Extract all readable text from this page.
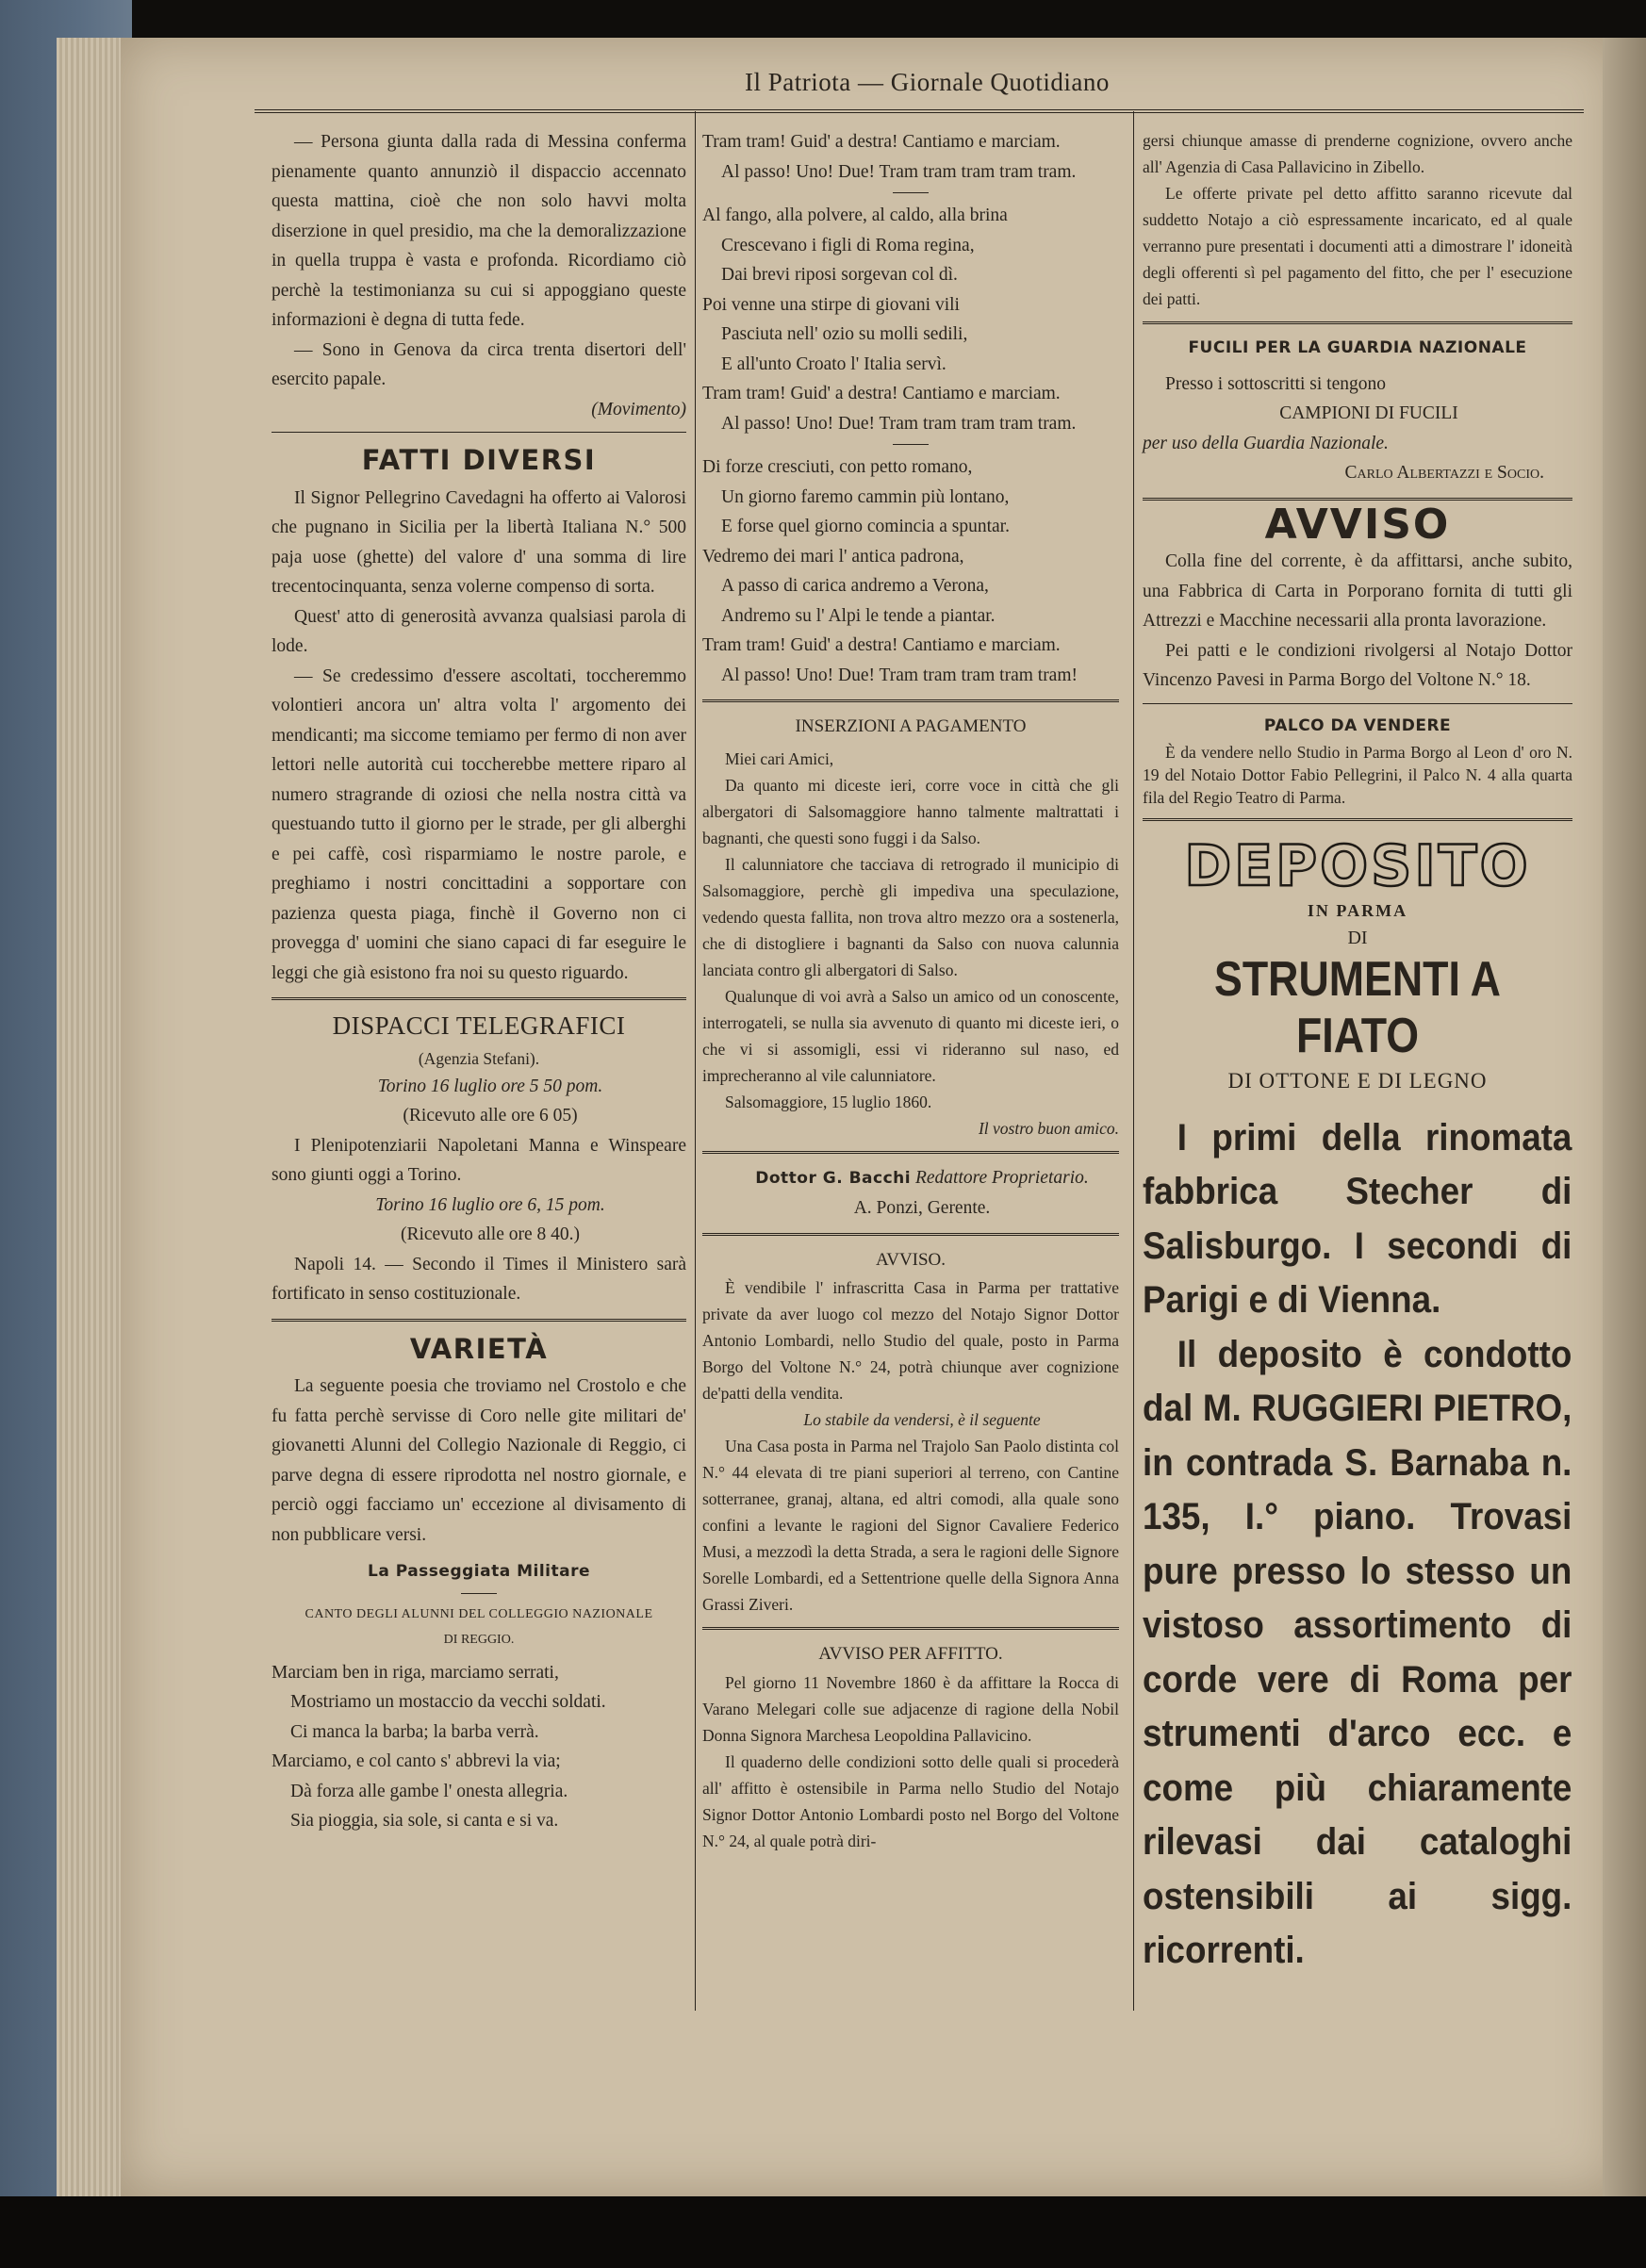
Il Patriota — Giornale Quotidiano

— Persona giunta dalla rada di Messina conferma pienamente quanto annunziò il dispaccio accennato questa mattina, cioè che non solo havvi molta diserzione in quel presidio, ma che la demoralizzazione in quella truppa è vasta e profonda. Ricordiamo ciò perchè la testimonianza su cui si appoggiano queste informazioni è degna di tutta fede.

— Sono in Genova da circa trenta disertori dell' esercito papale.

(Movimento)

FATTI DIVERSI

Il Signor Pellegrino Cavedagni ha offerto ai Valorosi che pugnano in Sicilia per la libertà Italiana N.° 500 paja uose (ghette) del valore d' una somma di lire trecentocinquanta, senza volerne compenso di sorta.

Quest' atto di generosità avvanza qualsiasi parola di lode.

— Se credessimo d'essere ascoltati, toccheremmo volontieri ancora un' altra volta l' argomento dei mendicanti; ma siccome temiamo per fermo di non aver lettori nelle autorità cui toccherebbe mettere riparo al numero stragrande di oziosi che nella nostra città va questuando tutto il giorno per le strade, per gli alberghi e pei caffè, così risparmiamo le nostre parole, e preghiamo i nostri concittadini a sopportare con pazienza questa piaga, finchè il Governo non ci provegga d' uomini che siano capaci di far eseguire le leggi che già esistono fra noi su questo riguardo.

DISPACCI TELEGRAFICI
(Agenzia Stefani).

Torino 16 luglio ore 5 50 pom.

(Ricevuto alle ore 6 05)

I Plenipotenziarii Napoletani Manna e Winspeare sono giunti oggi a Torino.

Torino 16 luglio ore 6, 15 pom.

(Ricevuto alle ore 8 40.)

Napoli 14. — Secondo il Times il Ministero sarà fortificato in senso costituzionale.

VARIETÀ

La seguente poesia che troviamo nel Crostolo e che fu fatta perchè servisse di Coro nelle gite militari de' giovanetti Alunni del Collegio Nazionale di Reggio, ci parve degna di essere riprodotta nel nostro giornale, e perciò oggi facciamo un' eccezione al divisamento di non pubblicare versi.

La Passeggiata Militare
CANTO DEGLI ALUNNI DEL COLLEGGIO NAZIONALE
DI REGGIO.

Marciam ben in riga, marciamo serrati,

Mostriamo un mostaccio da vecchi soldati.

Ci manca la barba; la barba verrà.

Marciamo, e col canto s' abbrevi la via;

Dà forza alle gambe l' onesta allegria.

Sia pioggia, sia sole, si canta e si va.

Tram tram! Guid' a destra! Cantiamo e marciam.

Al passo! Uno! Due! Tram tram tram tram tram.

Al fango, alla polvere, al caldo, alla brina

Crescevano i figli di Roma regina,

Dai brevi riposi sorgevan col dì.

Poi venne una stirpe di giovani vili

Pasciuta nell' ozio su molli sedili,

E all'unto Croato l' Italia servì.

Tram tram! Guid' a destra! Cantiamo e marciam.

Al passo! Uno! Due! Tram tram tram tram tram.

Di forze cresciuti, con petto romano,

Un giorno faremo cammin più lontano,

E forse quel giorno comincia a spuntar.

Vedremo dei mari l' antica padrona,

A passo di carica andremo a Verona,

Andremo su l' Alpi le tende a piantar.

Tram tram! Guid' a destra! Cantiamo e marciam.

Al passo! Uno! Due! Tram tram tram tram tram!

INSERZIONI A PAGAMENTO

Miei cari Amici,

Da quanto mi diceste ieri, corre voce in città che gli albergatori di Salsomaggiore hanno talmente maltrattati i bagnanti, che questi sono fuggi i da Salso.

Il calunniatore che tacciava di retrogrado il municipio di Salsomaggiore, perchè gli impediva una speculazione, vedendo questa fallita, non trova altro mezzo ora a sostenerla, che di distogliere i bagnanti da Salso con nuova calunnia lanciata contro gli albergatori di Salso.

Qualunque di voi avrà a Salso un amico od un conoscente, interrogateli, se nulla sia avvenuto di quanto mi diceste ieri, o che vi si assomigli, essi vi rideranno sul naso, ed imprecheranno al vile calunniatore.

Salsomaggiore, 15 luglio 1860.

Il vostro buon amico.

Dottor G. Bacchi Redattore Proprietario.

A. Ponzi, Gerente.

AVVISO.

È vendibile l' infrascritta Casa in Parma per trattative private da aver luogo col mezzo del Notajo Signor Dottor Antonio Lombardi, nello Studio del quale, posto in Parma Borgo del Voltone N.° 24, potrà chiunque aver cognizione de'patti della vendita.

Lo stabile da vendersi, è il seguente

Una Casa posta in Parma nel Trajolo San Paolo distinta col N.° 44 elevata di tre piani superiori al terreno, con Cantine sotterranee, granaj, altana, ed altri comodi, alla quale sono confini a levante le ragioni del Signor Cavaliere Federico Musi, a mezzodì la detta Strada, a sera le ragioni delle Signore Sorelle Lombardi, ed a Settentrione quelle della Signora Anna Grassi Ziveri.

AVVISO PER AFFITTO.

Pel giorno 11 Novembre 1860 è da affittare la Rocca di Varano Melegari colle sue adjacenze di ragione della Nobil Donna Signora Marchesa Leopoldina Pallavicino.

Il quaderno delle condizioni sotto delle quali si procederà all' affitto è ostensibile in Parma nello Studio del Notajo Signor Dottor Antonio Lombardi posto nel Borgo del Voltone N.° 24, al quale potrà diri-

gersi chiunque amasse di prenderne cognizione, ovvero anche all' Agenzia di Casa Pallavicino in Zibello.

Le offerte private pel detto affitto saranno ricevute dal suddetto Notajo a ciò espressamente incaricato, ed al quale verranno pure presentati i documenti atti a dimostrare l' idoneità degli offerenti sì pel pagamento del fitto, che per l' esecuzione dei patti.

FUCILI PER LA GUARDIA NAZIONALE

Presso i sottoscritti si tengono

CAMPIONI DI FUCILI

per uso della Guardia Nazionale.

Carlo Albertazzi e Socio.

AVVISO

Colla fine del corrente, è da affittarsi, anche subito, una Fabbrica di Carta in Porporano fornita di tutti gli Attrezzi e Macchine necessarii alla pronta lavorazione.

Pei patti e le condizioni rivolgersi al Notajo Dottor Vincenzo Pavesi in Parma Borgo del Voltone N.° 18.

PALCO DA VENDERE

È da vendere nello Studio in Parma Borgo al Leon d' oro N. 19 del Notaio Dottor Fabio Pellegrini, il Palco N. 4 alla quarta fila del Regio Teatro di Parma.

DEPOSITO
IN PARMA
DI
STRUMENTI A FIATO
DI OTTONE E DI LEGNO

I primi della rinomata fabbrica Stecher di Salisburgo. I secondi di Parigi e di Vienna.

Il deposito è condotto dal M. RUGGIERI PIETRO, in contrada S. Barnaba n. 135, I.° piano. Trovasi pure presso lo stesso un vistoso assortimento di corde vere di Roma per strumenti d'arco ecc. e come più chiaramente rilevasi dai cataloghi ostensibili ai sigg. ricorrenti.
